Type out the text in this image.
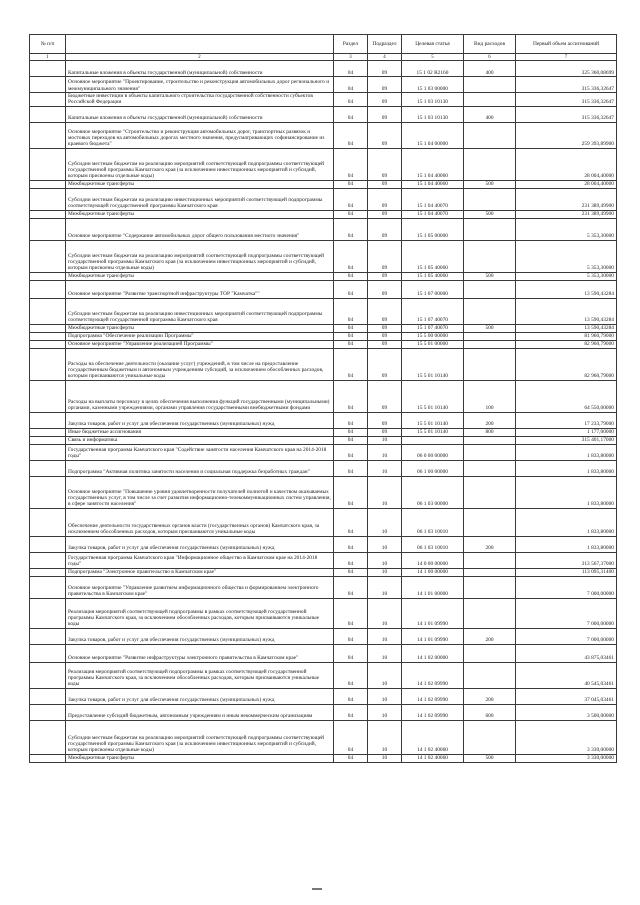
№ п/п		Раздел	Подраздел	Целевая статья	Вид расходов	Первый объем ассигнований
1	2	3	4	5	6	7
	Капитальные вложения в объекты государственной (муниципальной) собственности	04	09	15 1 02 R2160	400	325 360,08699
	Основное мероприятие "Проектирование, строительство и реконструкция автомобильных дорог регионального и межмуниципального значения"	04	09	15 1 03 00000		315 336,32647
	Бюджетные инвестиции в объекты капитального строительства государственной собственности субъектов Российской Федерации	04	09	15 1 03 10130		315 336,32647
	Капитальные вложения в объекты государственной (муниципальной) собственности	04	09	15 1 03 10130	400	315 336,32647
	Основное мероприятие "Строительство и реконструкция автомобильных дорог, транспортных развязок и мостовых переходов на автомобильных дорогах местного значения, предусматривающих софинансирование из краевого бюджета"	04	09	15 1 04 00000		259 393,89900
	Субсидии местным бюджетам на реализацию мероприятий соответствующей подпрограммы соответствующей государственной программы Камчатского края (за исключением инвестиционных мероприятий и субсидий, которым присвоены отдельные коды)	04	09	15 1 04 40060		28 004,40000
	Межбюджетные трансферты	04	09	15 1 04 40060	500	28 004,40000
	Субсидии местным бюджетам на реализацию инвестиционных мероприятий соответствующей подпрограммы соответствующей государственной программы Камчатского края	04	09	15 1 04 40070		231 389,49900
	Межбюджетные трансферты	04	09	15 1 04 40070	500	231 389,49900
	Основное мероприятие "Содержание автомобильных дорог общего пользования местного значения"	04	09	15 1 05 00000		5 353,30000
	Субсидии местным бюджетам на реализацию мероприятий соответствующей подпрограммы соответствующей государственной программы Камчатского края (за исключением инвестиционных мероприятий и субсидий, которым присвоены отдельные коды)	04	09	15 1 05 40060		5 353,30000
	Межбюджетные трансферты	04	09	15 1 05 40060	500	5 353,30000
	Основное мероприятие "Развитие транспортной инфраструктуры ТОР "Камчатка""	04	09	15 1 07 00000		13 590,43284
	Субсидии местным бюджетам на реализацию инвестиционных мероприятий соответствующей подпрограммы соответствующей государственной программы Камчатского края	04	09	15 1 07 40070		13 590,43284
	Межбюджетные трансферты	04	09	15 1 07 40070	500	13 590,43284
	Подпрограмма "Обеспечение реализации Программы"	04	09	15 5 00 00000		81 960,79000
	Основное мероприятие "Управление реализацией Программы"	04	09	15 5 01 00000		82 960,79000
	Расходы на обеспечение деятельности (оказание услуг) учреждений, в том числе на предоставление государственным бюджетным и автономным учреждениям субсидий, за исключением обособленных расходов, которым присваиваются уникальные коды	04	09	15 5 01 10140		82 960,79000
	Расходы на выплаты персоналу в целях обеспечения выполнения функций государственными (муниципальными) органами, казенными учреждениями, органами управления государственными внебюджетными фондами	04	09	15 5 01 10140	100	64 550,00000
	Закупка товаров, работ и услуг для обеспечения государственных (муниципальных) нужд	04	09	15 5 01 10140	200	17 233,79000
	Иные бюджетные ассигнования	04	09	15 5 01 10140	800	1 177,00000
	Связь и информатика	04	10			315 401,17000
	Государственная программа Камчатского края "Содействие занятости населения Камчатского края на 2014-2018 годы"	04	10	06 0 00 00000		1 833,80000
	Подпрограмма "Активная политика занятости населения и социальная поддержка безработных граждан"	04	10	06 1 00 00000		1 833,80000
	Основное мероприятие "Повышение уровня удовлетворенности получателей полнотой и качеством оказываемых государственных услуг, в том числе за счет развития информационно-телекоммуникационных систем управления, в сфере занятости населения"	04	10	06 1 03 00000		1 833,80000
	Обеспечение деятельности государственных органов власти (государственных органов) Камчатского края, за исключением обособленных расходов, которым присваиваются уникальные коды	04	10	06 1 03 10010		1 833,80000
	Закупка товаров, работ и услуг для обеспечения государственных (муниципальных) нужд	04	10	06 1 03 10010	200	1 833,80000
	Государственная программа Камчатского края "Информационное общество в Камчатском крае на 2014-2018 годы"	04	10	14 0 00 00000		313 567,37000
	Подпрограмма "Электронное правительство в Камчатском крае"	04	10	14 1 00 00000		113 095,31400
	Основное мероприятие "Управление развитием информационного общества и формированием электронного правительства в Камчатском крае"	04	10	14 1 01 00000		7 000,00000
	Реализация мероприятий соответствующей подпрограммы в рамках соответствующей государственной программы Камчатского края, за исключением обособленных расходов, которым присваиваются уникальные коды	04	10	14 1 01 09990		7 000,00000
	Закупка товаров, работ и услуг для обеспечения государственных (муниципальных) нужд	04	10	14 1 01 09990	200	7 000,00000
	Основное мероприятие "Развитие инфраструктуры электронного правительства в Камчатском крае"	04	10	14 1 02 00000		43 875,03461
	Реализация мероприятий соответствующей подпрограммы в рамках соответствующей государственной программы Камчатского края, за исключением обособленных расходов, которым присваиваются уникальные коды	04	10	14 1 02 09990		40 545,03461
	Закупка товаров, работ и услуг для обеспечения государственных (муниципальных) нужд	04	10	14 1 02 09990	200	37 045,03461
	Предоставление субсидий бюджетным, автономным учреждениям и иным некоммерческим организациям	04	10	14 1 02 09990	600	3 500,00000
	Субсидии местным бюджетам на реализацию мероприятий соответствующей подпрограммы соответствующей государственной программы Камчатского края (за исключением инвестиционных мероприятий и субсидий, которым присвоены отдельные коды)	04	10	14 1 02 40060		3 330,00000
	Межбюджетные трансферты	04	10	14 1 02 40060	500	3 330,00000
